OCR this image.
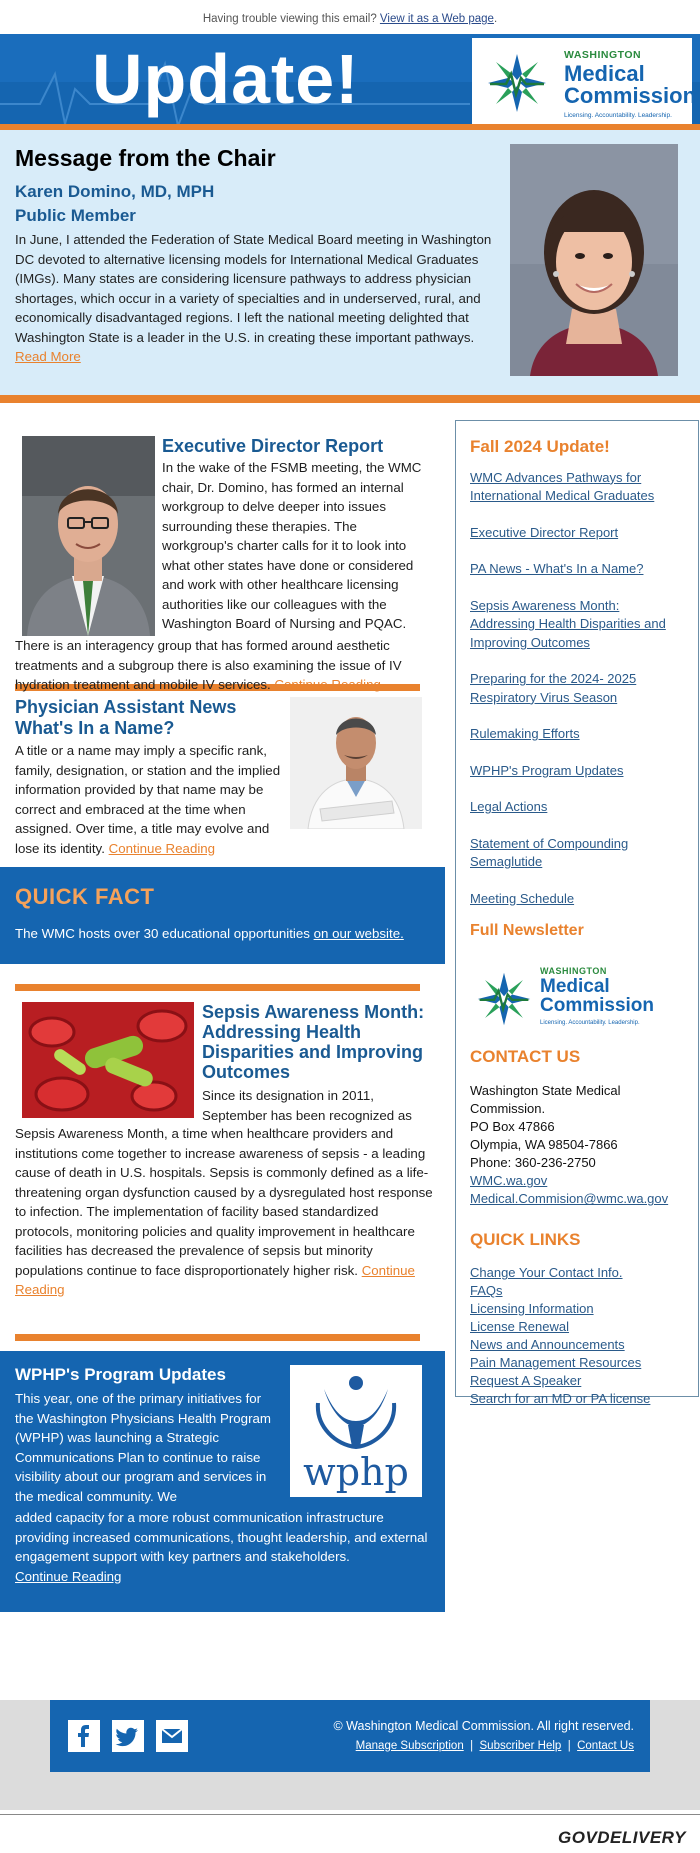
Having trouble viewing this email? View it as a Web page.
Update!	WASHINGTON
Medical
Commission
Licensing. Accountability. Leadership.
Message from the Chair
Karen Domino, MD, MPH
Public Member

In June, I attended the Federation of State Medical Board meeting in Washington DC devoted to alternative licensing models for International Medical Graduates (IMGs). Many states are considering licensure pathways to address physician shortages, which occur in a variety of specialties and in underserved, rural, and economically disadvantaged regions. I left the national meeting delighted that Washington State is a leader in the U.S. in creating these important pathways. Read More

Executive Director Report
In the wake of the FSMB meeting, the WMC chair, Dr. Domino, has formed an internal workgroup to delve deeper into issues surrounding these therapies. The workgroup's charter calls for it to look into what other states have done or considered and work with other healthcare licensing authorities like our colleagues with the Washington Board of Nursing and PQAC.
There is an interagency group that has formed around aesthetic treatments and a subgroup there is also examining the issue of IV hydration treatment and mobile IV services. Continue Reading
Physician Assistant News
What's In a Name?

A title or a name may imply a specific rank, family, designation, or station and the implied information provided by that name may be correct and embraced at the time when assigned. Over time, a title may evolve and lose its identity. Continue Reading

QUICK FACT

The WMC hosts over 30 educational opportunities on our website.

Sepsis Awareness Month: Addressing Health Disparities and Improving Outcomes
Since its designation in 2011, September has been recognized as
Sepsis Awareness Month, a time when healthcare providers and institutions come together to increase awareness of sepsis - a leading cause of death in U.S. hospitals. Sepsis is commonly defined as a life-threatening organ dysfunction caused by a dysregulated host response to infection. The implementation of facility based standardized protocols, monitoring policies and quality improvement in healthcare facilities has decreased the prevalence of sepsis but minority populations continue to face disproportionately higher risk. Continue Reading
WPHP's Program Updates
This year, one of the primary initiatives for the Washington Physicians Health Program (WPHP) was launching a Strategic Communications Plan to continue to raise visibility about our program and services in the medical community. We
added capacity for a more robust communication infrastructure providing increased communications, thought leadership, and external engagement support with key partners and stakeholders.
Continue Reading
wphp
Fall 2024 Update!
WMC Advances Pathways for International Medical Graduates
Executive Director Report
PA News - What's In a Name?
Sepsis Awareness Month: Addressing Health Disparities and Improving Outcomes
Preparing for the 2024- 2025 Respiratory Virus Season
Rulemaking Efforts
WPHP's Program Updates
Legal Actions
Statement of Compounding Semaglutide
Meeting Schedule
Full Newsletter
WASHINGTON
Medical
Commission
Licensing. Accountability. Leadership.
CONTACT US
Washington State Medical Commission.
PO Box 47866
Olympia, WA 98504-7866
Phone: 360-236-2750
WMC.wa.gov
Medical.Commision@wmc.wa.gov
QUICK LINKS
Change Your Contact Info.
FAQs
Licensing Information
License Renewal
News and Announcements
Pain Management Resources
Request A Speaker
Search for an MD or PA license
© Washington Medical Commission. All right reserved.
Manage Subscription | Subscriber Help | Contact Us
GOVDELIVERY
